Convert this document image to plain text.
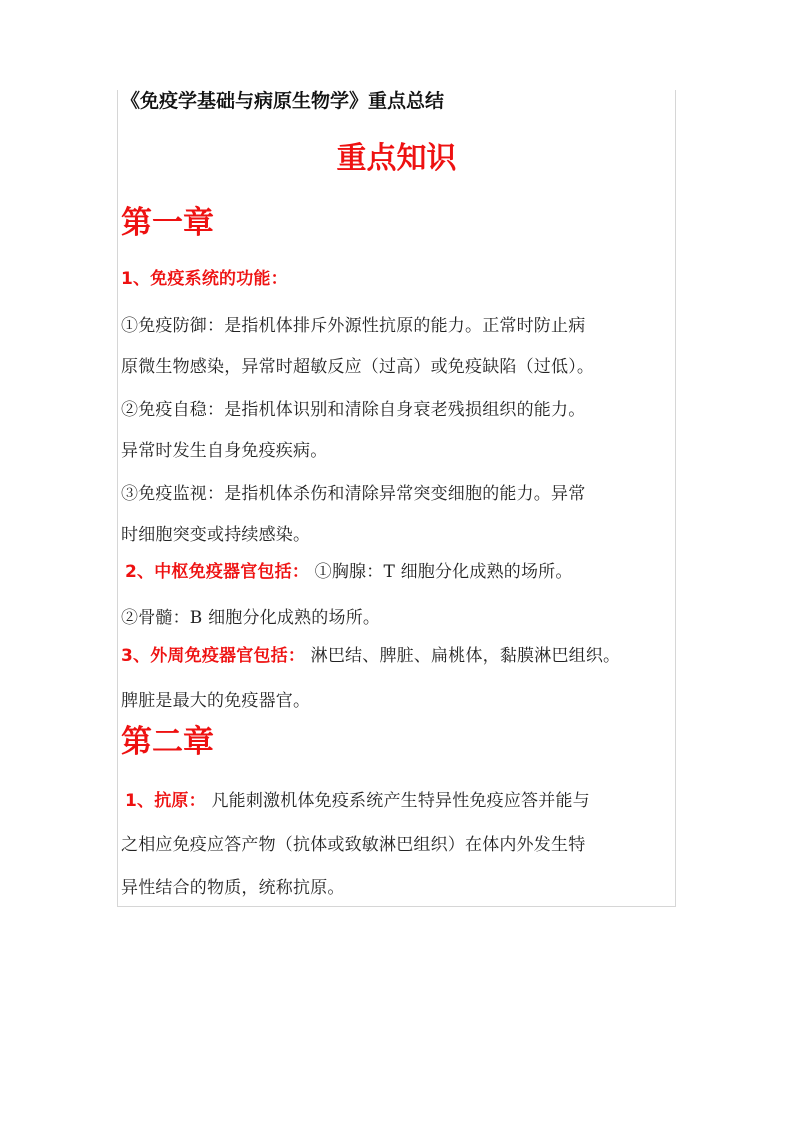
《免疫学基础与病原生物学》重点总结
重点知识
第一章
1、免疫系统的功能：
①免疫防御：是指机体排斥外源性抗原的能力。正常时防止病
原微生物感染，异常时超敏反应（过高）或免疫缺陷（过低）。
②免疫自稳：是指机体识别和清除自身衰老残损组织的能力。
异常时发生自身免疫疾病。
③免疫监视：是指机体杀伤和清除异常突变细胞的能力。异常
时细胞突变或持续感染。
2、中枢免疫器官包括： ①胸腺：T 细胞分化成熟的场所。
②骨髓：B 细胞分化成熟的场所。
3、外周免疫器官包括： 淋巴结、脾脏、扁桃体，黏膜淋巴组织。
脾脏是最大的免疫器官。
第二章
1、抗原： 凡能刺激机体免疫系统产生特异性免疫应答并能与
之相应免疫应答产物（抗体或致敏淋巴组织）在体内外发生特
异性结合的物质，统称抗原。
